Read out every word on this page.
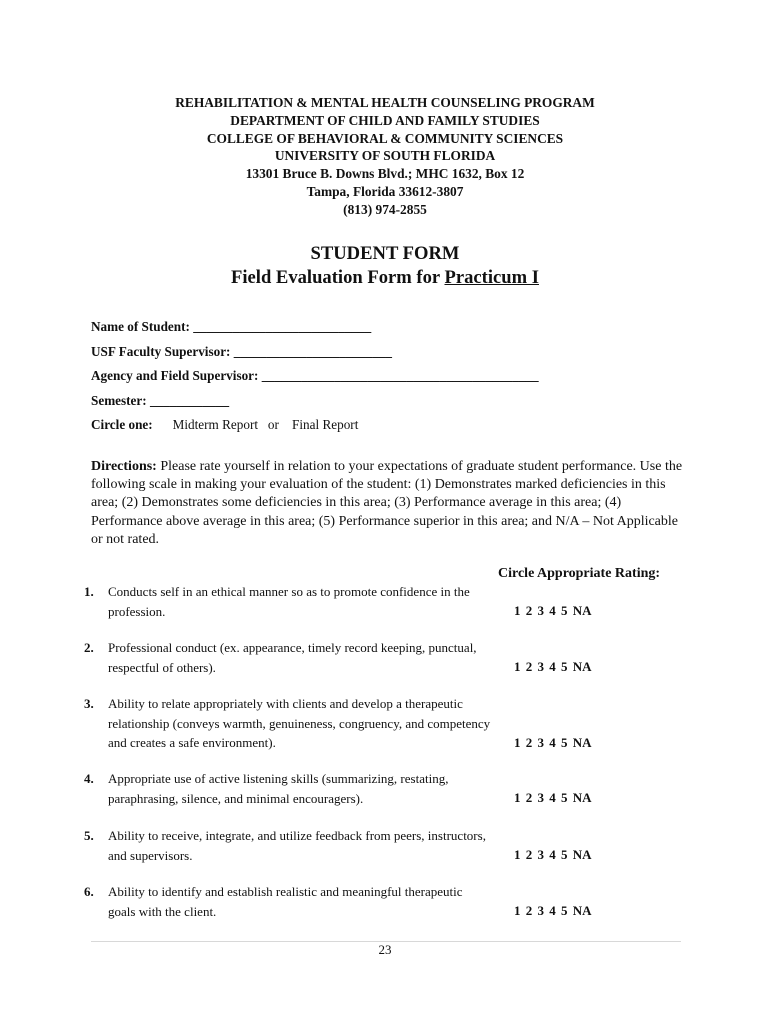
REHABILITATION & MENTAL HEALTH COUNSELING PROGRAM
DEPARTMENT OF CHILD AND FAMILY STUDIES
COLLEGE OF BEHAVIORAL & COMMUNITY SCIENCES
UNIVERSITY OF SOUTH FLORIDA
13301 Bruce B. Downs Blvd.; MHC 1632, Box 12
Tampa, Florida 33612-3807
(813) 974-2855
STUDENT FORM
Field Evaluation Form for Practicum I
Name of Student: ___________________________
USF Faculty Supervisor: ________________________
Agency and Field Supervisor: __________________________________________
Semester: ____________
Circle one: Midterm Report   or    Final Report
Directions: Please rate yourself in relation to your expectations of graduate student performance. Use the following scale in making your evaluation of the student: (1) Demonstrates marked deficiencies in this area; (2) Demonstrates some deficiencies in this area; (3) Performance average in this area; (4) Performance above average in this area; (5) Performance superior in this area; and N/A – Not Applicable or not rated.
Circle Appropriate Rating:
1. Conducts self in an ethical manner so as to promote confidence in the profession.	1 2 3 4 5 NA
2. Professional conduct (ex. appearance, timely record keeping, punctual, respectful of others).	1 2 3 4 5 NA
3. Ability to relate appropriately with clients and develop a therapeutic relationship (conveys warmth, genuineness, congruency, and competency and creates a safe environment).	1 2 3 4 5 NA
4. Appropriate use of active listening skills (summarizing, restating, paraphrasing, silence, and minimal encouragers).	1 2 3 4 5 NA
5. Ability to receive, integrate, and utilize feedback from peers, instructors, and supervisors.	1 2 3 4 5 NA
6. Ability to identify and establish realistic and meaningful therapeutic goals with the client.	1 2 3 4 5 NA
23
